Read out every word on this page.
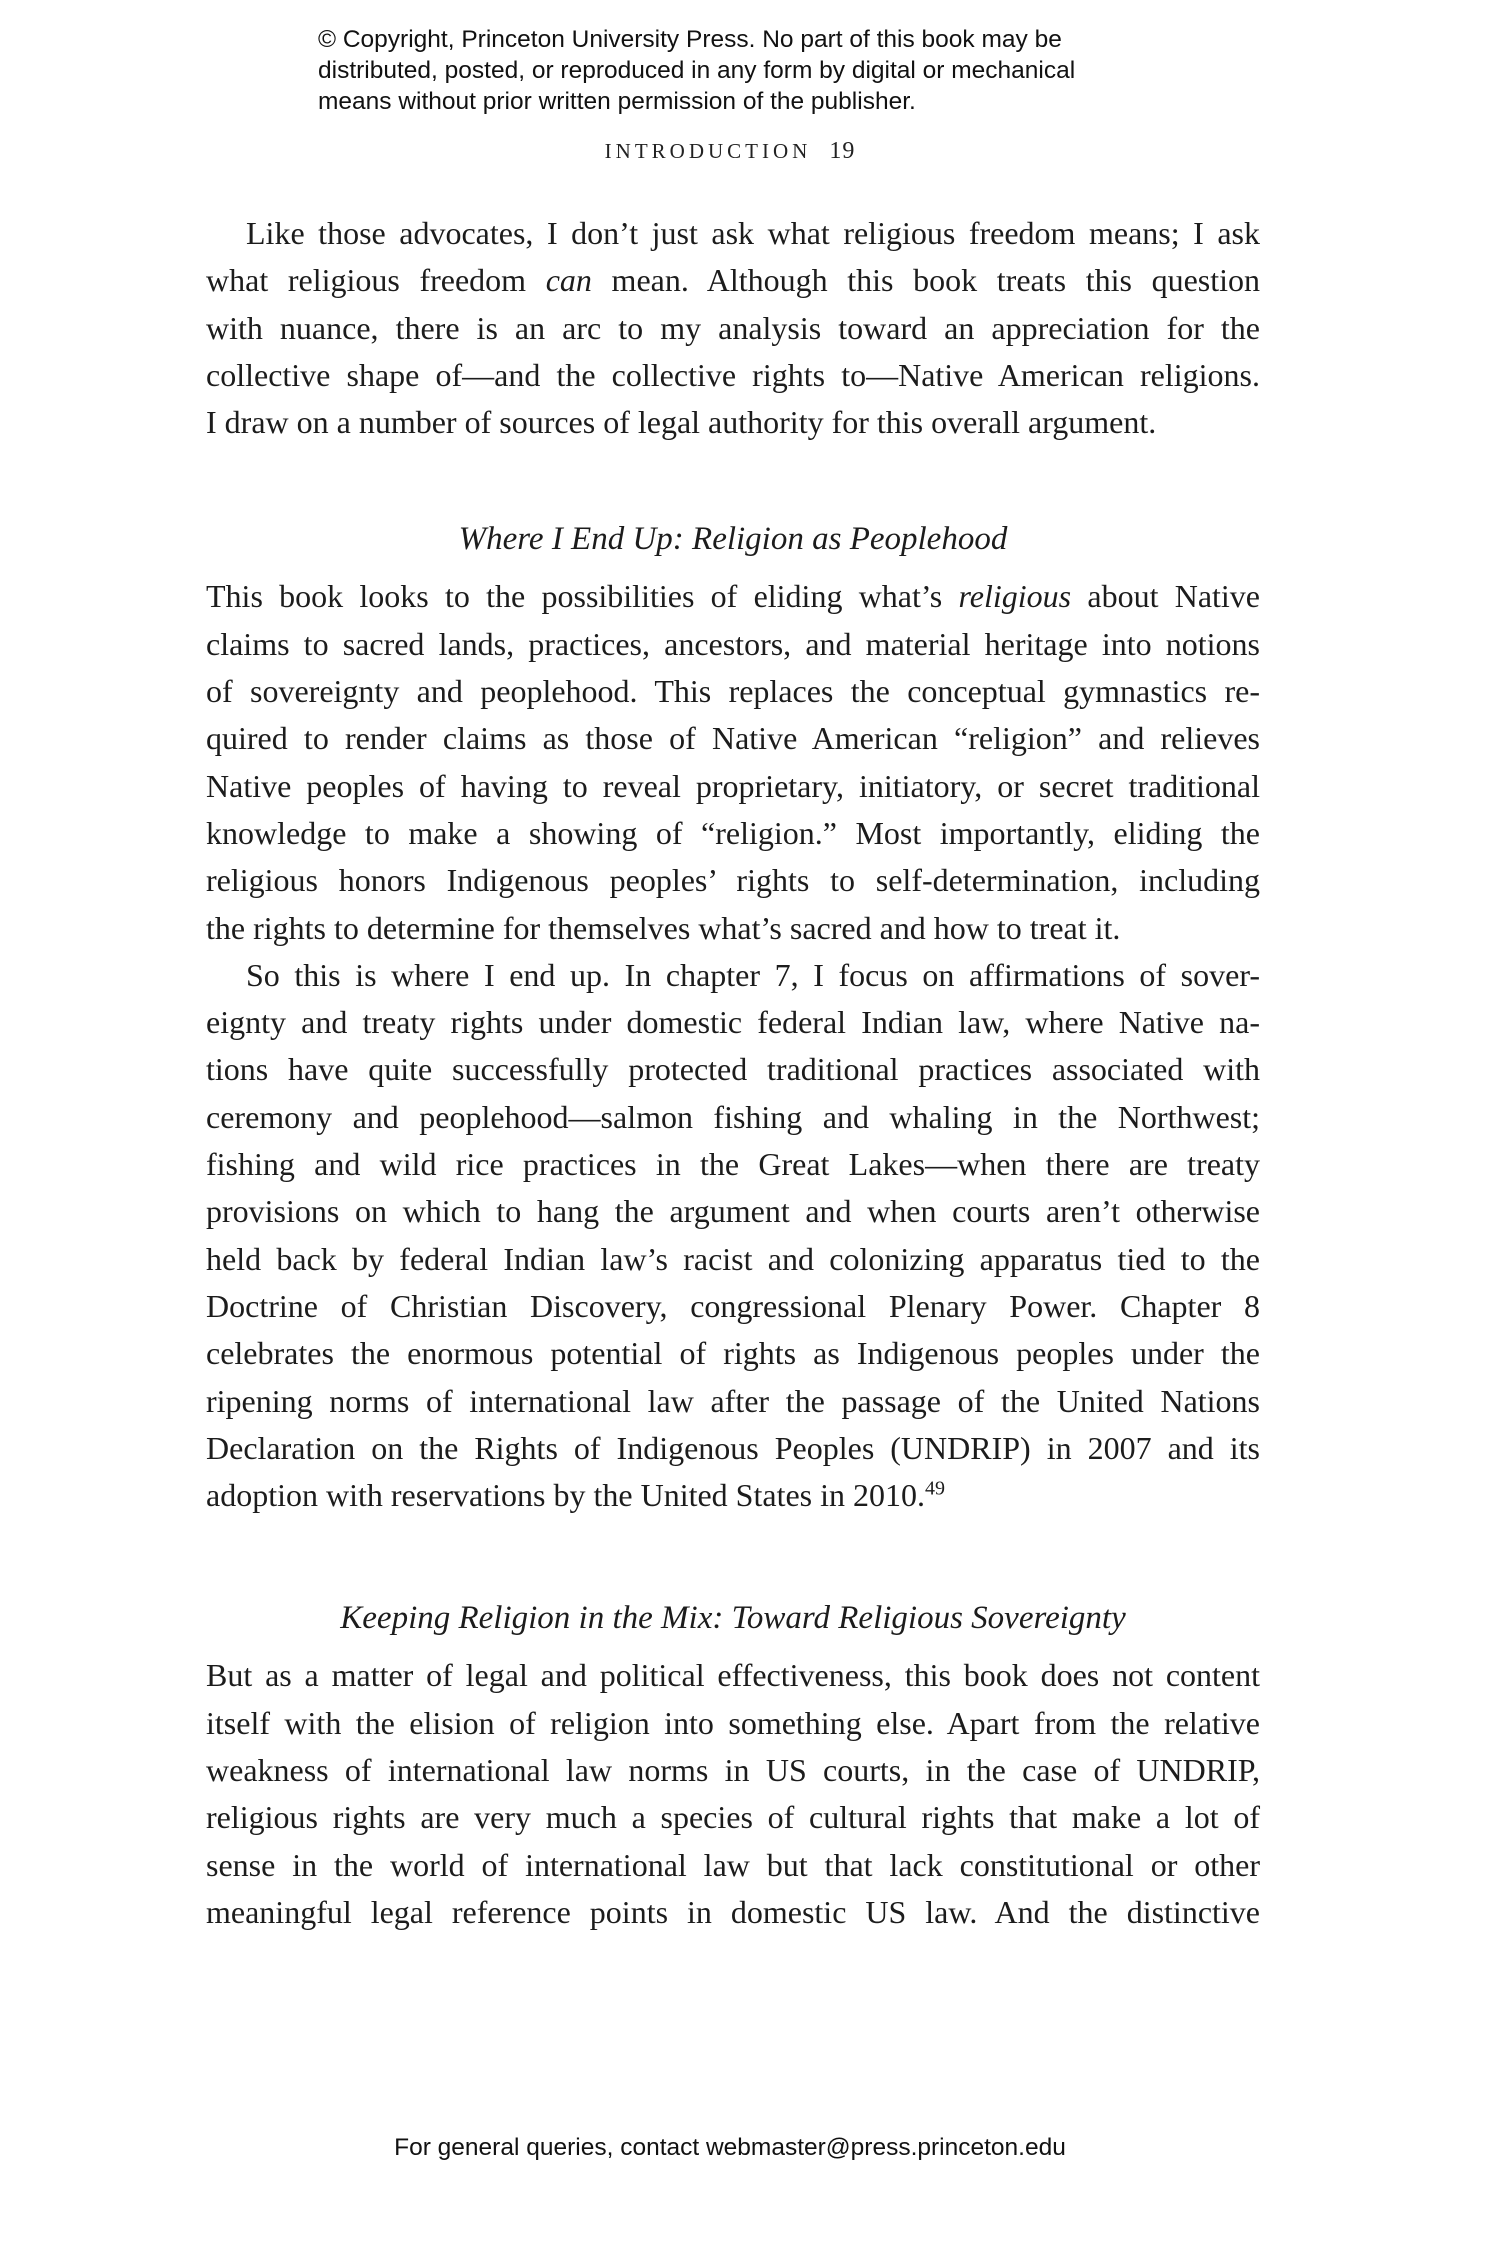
© Copyright, Princeton University Press. No part of this book may be
distributed, posted, or reproduced in any form by digital or mechanical
means without prior written permission of the publisher.
INTRODUCTION 19
Like those advocates, I don’t just ask what religious freedom means; I ask
what religious freedom can mean. Although this book treats this question
with nuance, there is an arc to my analysis toward an appreciation for the
collective shape of—and the collective rights to—Native American religions.
I draw on a number of sources of legal authority for this overall argument.
Where I End Up: Religion as Peoplehood
This book looks to the possibilities of eliding what’s religious about Native
claims to sacred lands, practices, ancestors, and material heritage into notions
of sovereignty and peoplehood. This replaces the conceptual gymnastics re-
quired to render claims as those of Native American “religion” and relieves
Native peoples of having to reveal proprietary, initiatory, or secret traditional
knowledge to make a showing of “religion.” Most importantly, eliding the
religious honors Indigenous peoples’ rights to self-determination, including
the rights to determine for themselves what’s sacred and how to treat it.
So this is where I end up. In chapter 7, I focus on affirmations of sover-
eignty and treaty rights under domestic federal Indian law, where Native na-
tions have quite successfully protected traditional practices associated with
ceremony and peoplehood—salmon fishing and whaling in the Northwest;
fishing and wild rice practices in the Great Lakes—when there are treaty
provisions on which to hang the argument and when courts aren’t otherwise
held back by federal Indian law’s racist and colonizing apparatus tied to the
Doctrine of Christian Discovery, congressional Plenary Power. Chapter 8
celebrates the enormous potential of rights as Indigenous peoples under the
ripening norms of international law after the passage of the United Nations
Declaration on the Rights of Indigenous Peoples (UNDRIP) in 2007 and its
adoption with reservations by the United States in 2010.49
Keeping Religion in the Mix: Toward Religious Sovereignty
But as a matter of legal and political effectiveness, this book does not content
itself with the elision of religion into something else. Apart from the relative
weakness of international law norms in US courts, in the case of UNDRIP,
religious rights are very much a species of cultural rights that make a lot of
sense in the world of international law but that lack constitutional or other
meaningful legal reference points in domestic US law. And the distinctive
For general queries, contact webmaster@press.princeton.edu
